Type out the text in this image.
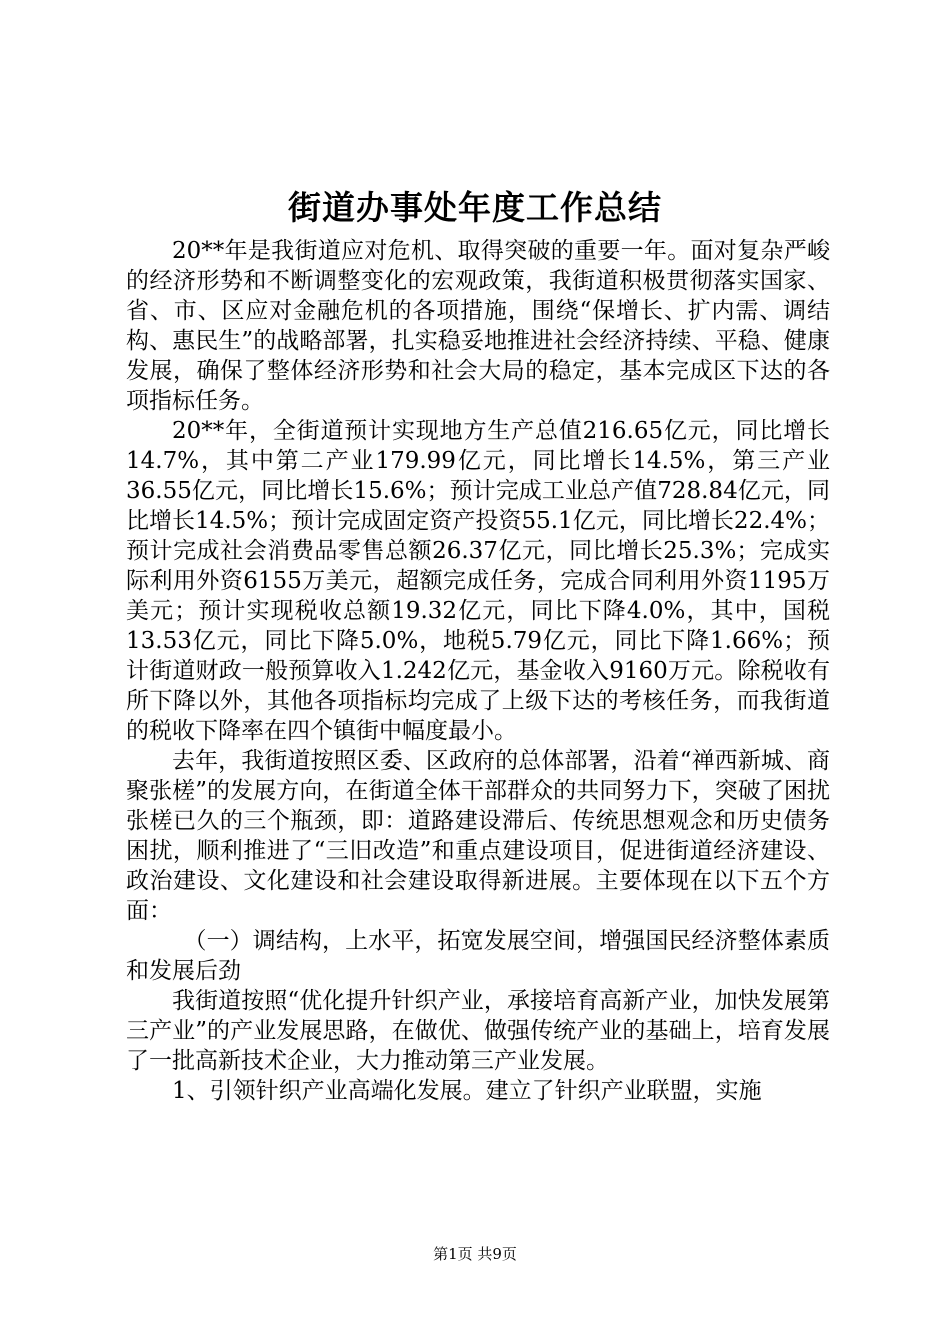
街道办事处年度工作总结

20**年是我街道应对危机、取得突破的重要一年。面对复杂严峻的经济形势和不断调整变化的宏观政策，我街道积极贯彻落实国家、省、市、区应对金融危机的各项措施，围绕“保增长、扩内需、调结构、惠民生”的战略部署，扎实稳妥地推进社会经济持续、平稳、健康发展，确保了整体经济形势和社会大局的稳定，基本完成区下达的各项指标任务。

20**年，全街道预计实现地方生产总值216.65亿元，同比增长14.7%，其中第二产业179.99亿元，同比增长14.5%，第三产业36.55亿元，同比增长15.6%；预计完成工业总产值728.84亿元，同比增长14.5%；预计完成固定资产投资55.1亿元，同比增长22.4%；预计完成社会消费品零售总额26.37亿元，同比增长25.3%；完成实际利用外资6155万美元，超额完成任务，完成合同利用外资1195万美元；预计实现税收总额19.32亿元，同比下降4.0%，其中，国税13.53亿元，同比下降5.0%，地税5.79亿元，同比下降1.66%；预计街道财政一般预算收入1.242亿元，基金收入9160万元。除税收有所下降以外，其他各项指标均完成了上级下达的考核任务，而我街道的税收下降率在四个镇街中幅度最小。

去年，我街道按照区委、区政府的总体部署，沿着“禅西新城、商聚张槎”的发展方向，在街道全体干部群众的共同努力下，突破了困扰张槎已久的三个瓶颈，即：道路建设滞后、传统思想观念和历史债务困扰，顺利推进了“三旧改造”和重点建设项目，促进街道经济建设、政治建设、文化建设和社会建设取得新进展。主要体现在以下五个方面：

（一）调结构，上水平，拓宽发展空间，增强国民经济整体素质和发展后劲

我街道按照“优化提升针织产业，承接培育高新产业，加快发展第三产业”的产业发展思路，在做优、做强传统产业的基础上，培育发展了一批高新技术企业，大力推动第三产业发展。

1、引领针织产业高端化发展。建立了针织产业联盟，实施

第1页 共9页
